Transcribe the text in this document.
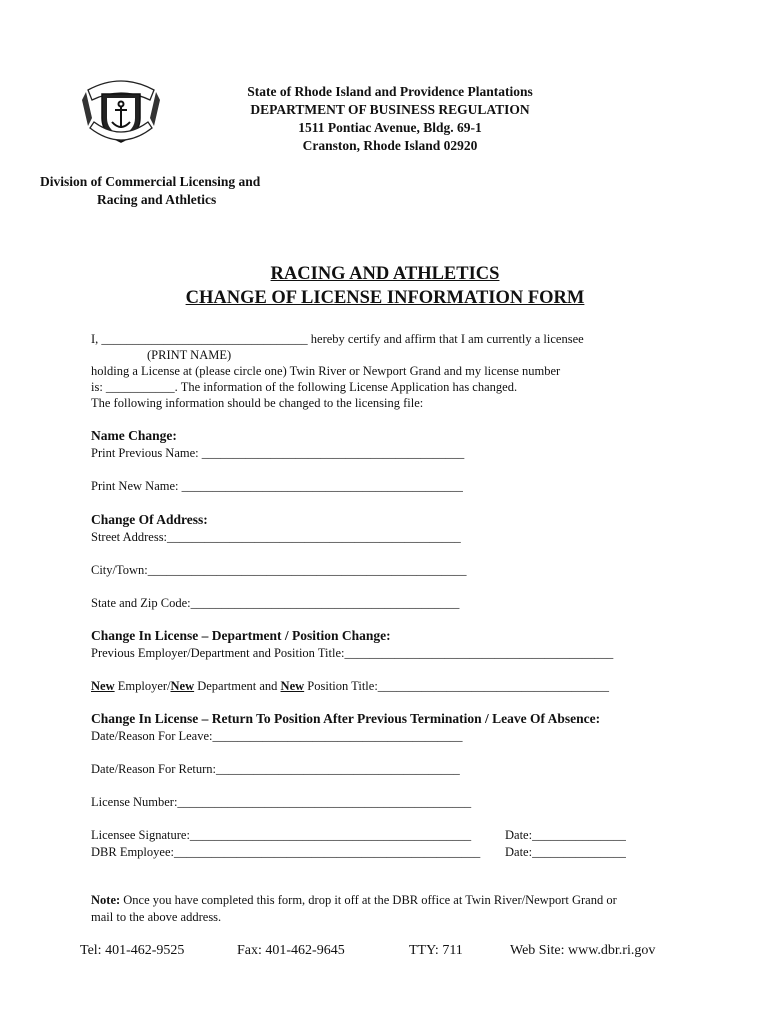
State of Rhode Island and Providence Plantations
DEPARTMENT OF BUSINESS REGULATION
1511 Pontiac Avenue, Bldg. 69-1
Cranston, Rhode Island 02920
Division of Commercial Licensing and
Racing and Athletics
RACING AND ATHLETICS
CHANGE OF LICENSE INFORMATION FORM
I, _________________________________ hereby certify and affirm that I am currently a licensee
(PRINT NAME)
holding a License at (please circle one) Twin River or Newport Grand and my license number
is: ___________. The information of the following License Application has changed.
The following information should be changed to the licensing file:
Name Change:
Print Previous Name: __________________________________________
Print New Name: _____________________________________________
Change Of Address:
Street Address:_______________________________________________
City/Town:___________________________________________________
State and Zip Code:___________________________________________
Change In License – Department / Position Change:
Previous Employer/Department and Position Title:___________________________________________
New Employer/New Department and New Position Title:_____________________________________
Change In License – Return To Position After Previous Termination / Leave Of Absence:
Date/Reason For Leave:________________________________________
Date/Reason For Return:_______________________________________
License Number:_______________________________________________
Licensee Signature:_____________________________________________	Date:_______________
DBR Employee:_________________________________________________ Date:_______________
Note: Once you have completed this form, drop it off at the DBR office at Twin River/Newport Grand or
mail to the above address.
Tel: 401-462-9525	Fax: 401-462-9645	TTY: 711	Web Site: www.dbr.ri.gov
